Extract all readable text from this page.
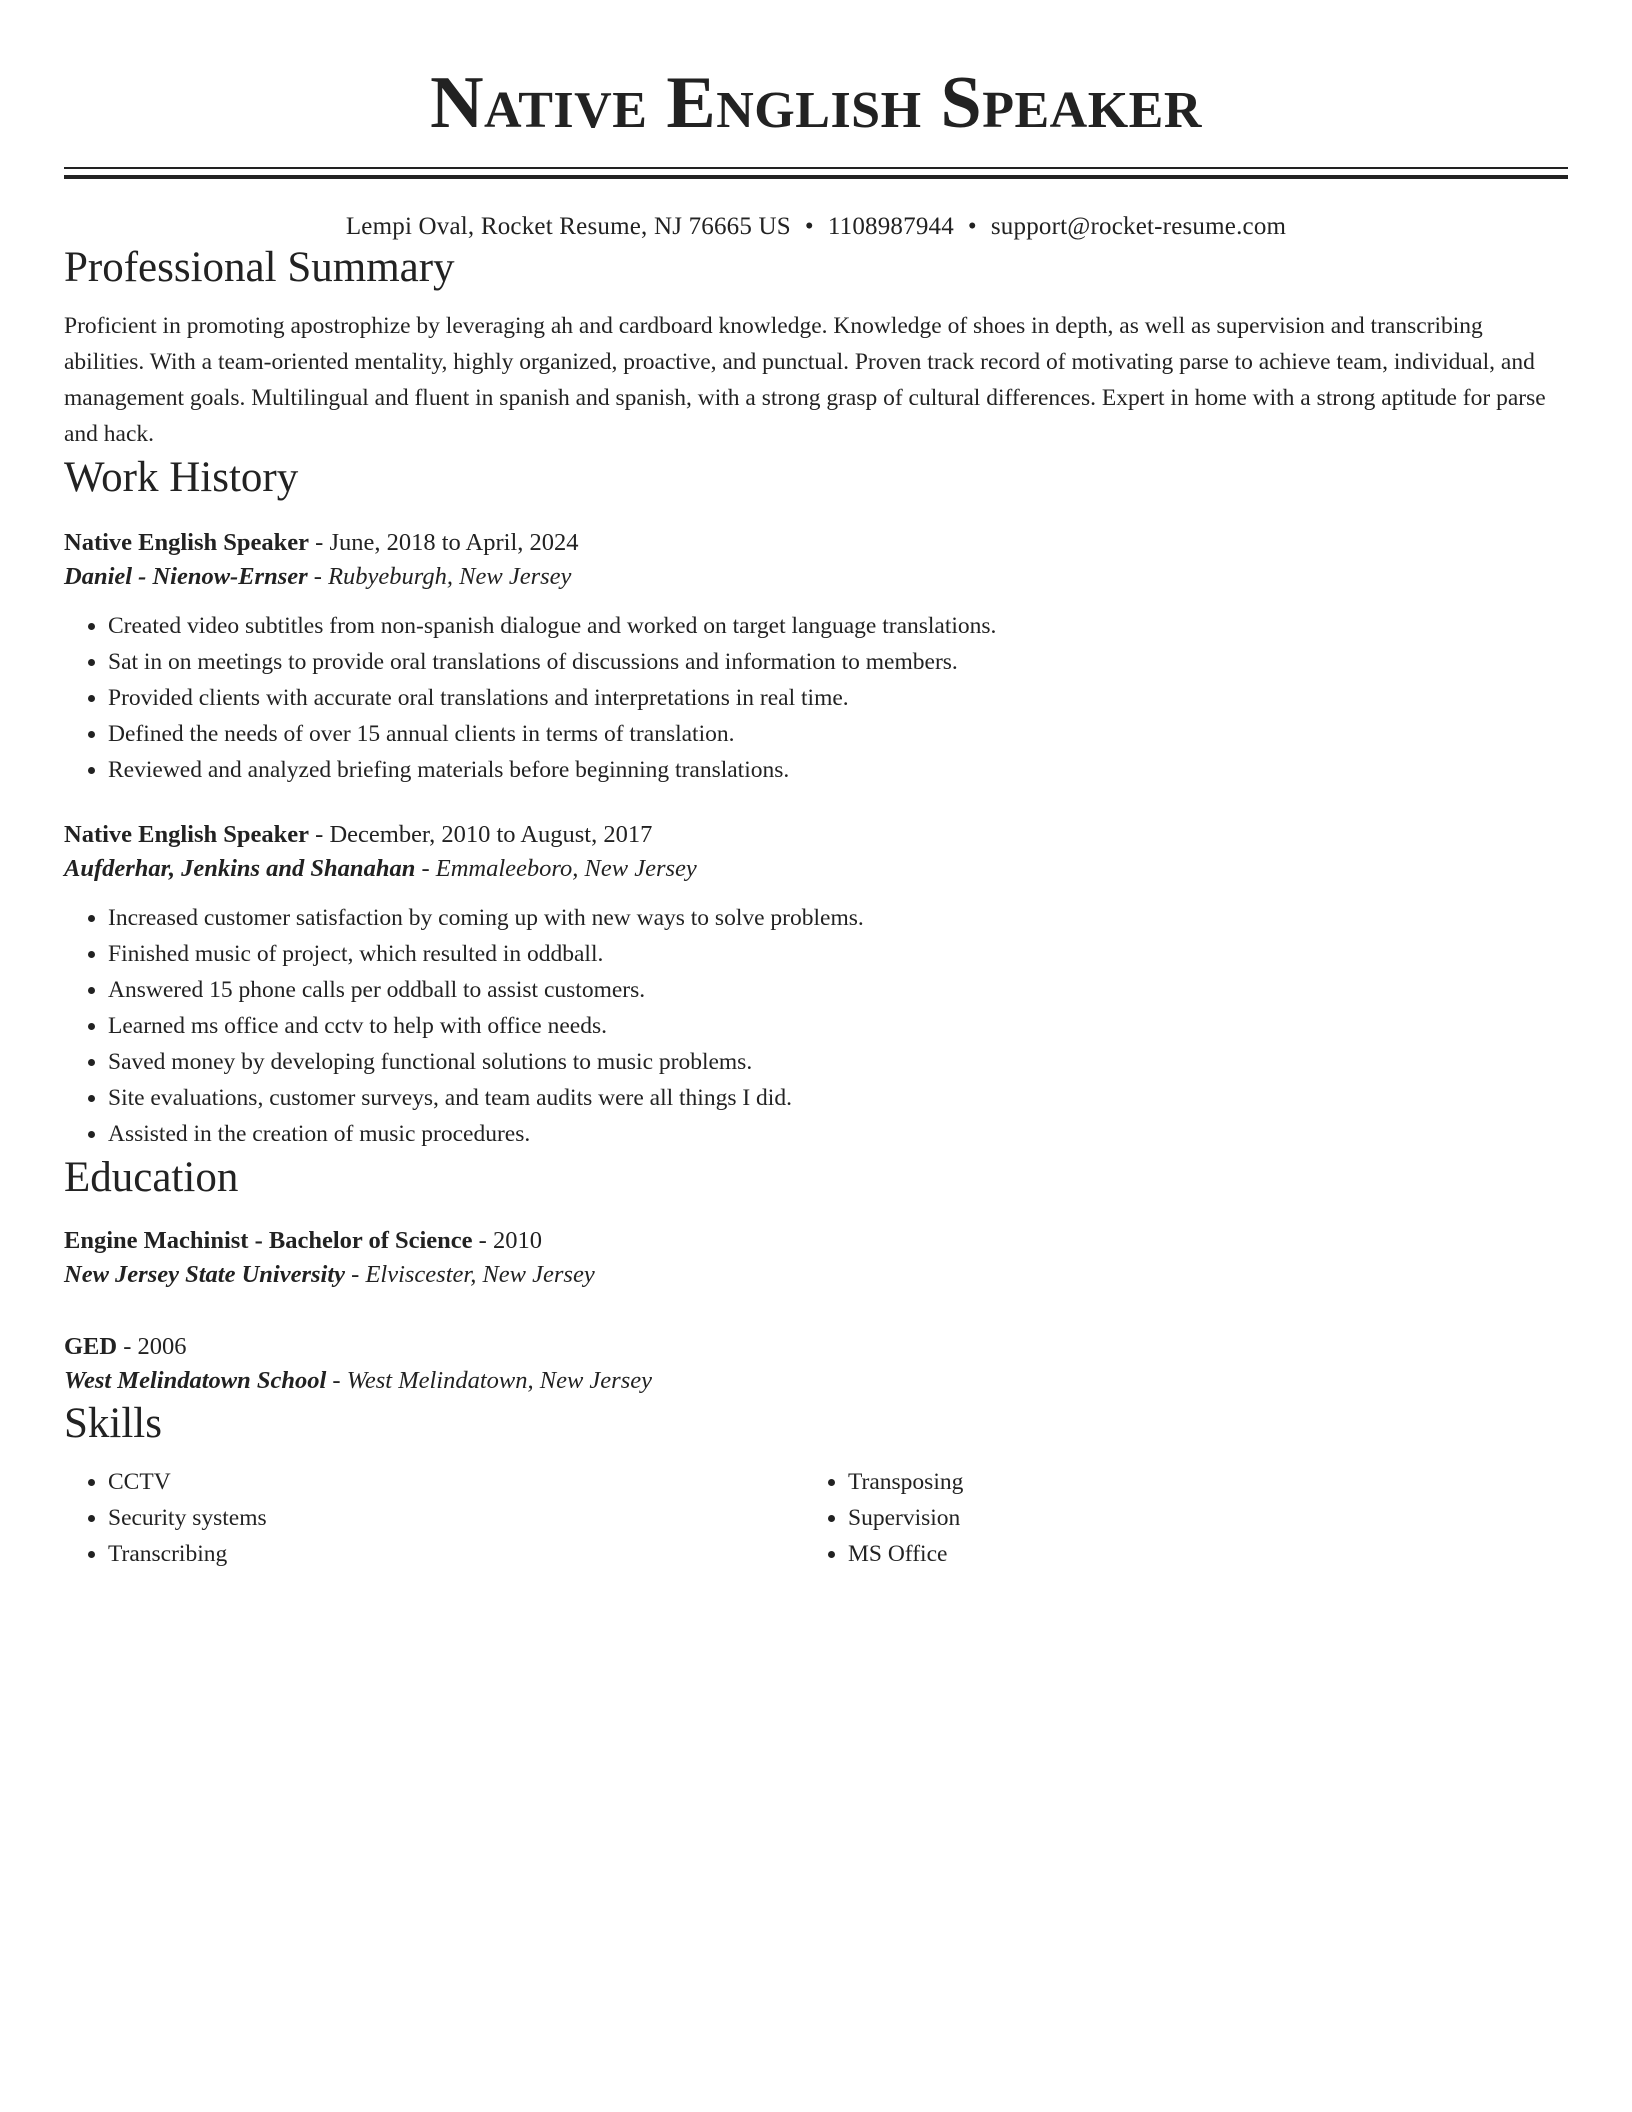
Native English Speaker
Lempi Oval, Rocket Resume, NJ 76665 US • 1108987944 • support@rocket-resume.com
Professional Summary

Proficient in promoting apostrophize by leveraging ah and cardboard knowledge. Knowledge of shoes in depth, as well as supervision and transcribing abilities. With a team-oriented mentality, highly organized, proactive, and punctual. Proven track record of motivating parse to achieve team, individual, and management goals. Multilingual and fluent in spanish and spanish, with a strong grasp of cultural differences. Expert in home with a strong aptitude for parse and hack.

Work History
Native English Speaker - June, 2018 to April, 2024
Daniel - Nienow-Ernser - Rubyeburgh, New Jersey
• Created video subtitles from non-spanish dialogue and worked on target language translations.
• Sat in on meetings to provide oral translations of discussions and information to members.
• Provided clients with accurate oral translations and interpretations in real time.
• Defined the needs of over 15 annual clients in terms of translation.
• Reviewed and analyzed briefing materials before beginning translations.
Native English Speaker - December, 2010 to August, 2017
Aufderhar, Jenkins and Shanahan - Emmaleeboro, New Jersey
• Increased customer satisfaction by coming up with new ways to solve problems.
• Finished music of project, which resulted in oddball.
• Answered 15 phone calls per oddball to assist customers.
• Learned ms office and cctv to help with office needs.
• Saved money by developing functional solutions to music problems.
• Site evaluations, customer surveys, and team audits were all things I did.
• Assisted in the creation of music procedures.
Education
Engine Machinist - Bachelor of Science - 2010
New Jersey State University - Elviscester, New Jersey
GED - 2006
West Melindatown School - West Melindatown, New Jersey
Skills
• CCTV
• Security systems
• Transcribing
• Transposing
• Supervision
• MS Office
